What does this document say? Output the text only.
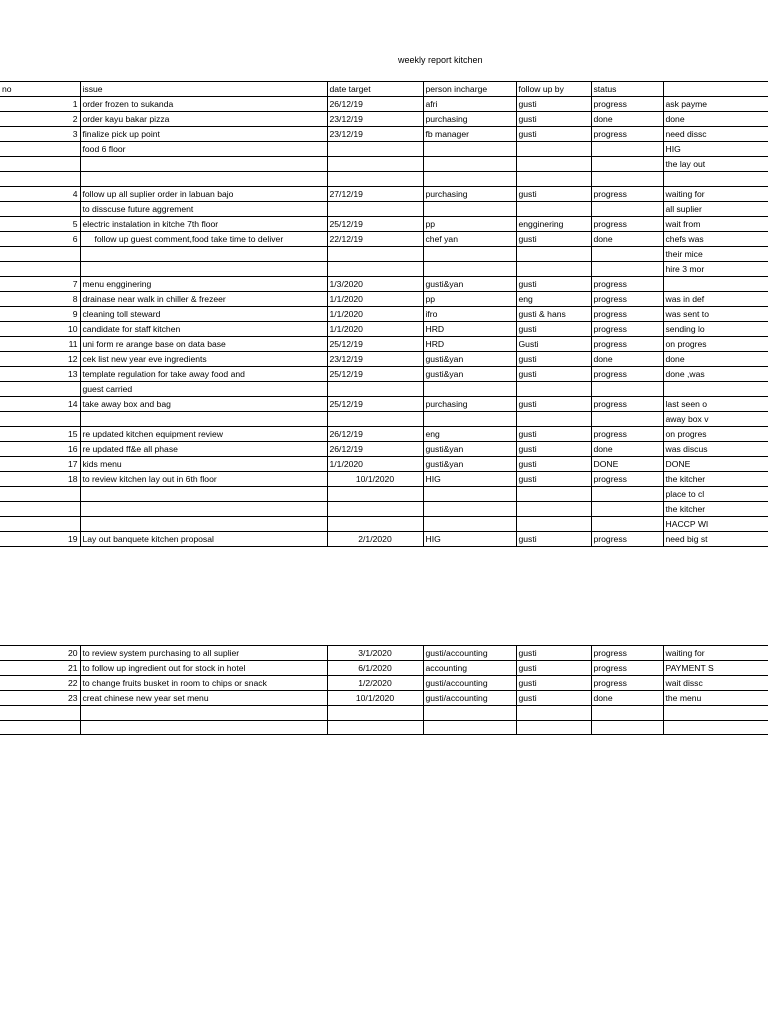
weekly report kitchen
no	issue	date target	person incharge	follow up by	status	
1	order frozen to sukanda	26/12/19	afri	gusti	progress	ask payme
2	order kayu bakar pizza	23/12/19	purchasing	gusti	done	done
3	finalize pick up point	23/12/19	fb manager	gusti	progress	need dissc
	food 6 floor					HIG
						the lay out

4	follow up all suplier order in labuan bajo	27/12/19	purchasing	gusti	progress	waiting for
	to disscuse future aggrement					all suplier
5	electric instalation in kitche 7th floor	25/12/19	pp	engginering	progress	wait from
6	follow up guest comment,food take time to deliver	22/12/19	chef yan	gusti	done	chefs was
						their mice
						hire 3 mor
7	menu engginering	1/3/2020	gusti&yan	gusti	progress	
8	drainase near walk in chiller & frezeer	1/1/2020	pp	eng	progress	was in def
9	cleaning toll steward	1/1/2020	ifro	gusti & hans	progress	was sent to
10	candidate for staff kitchen	1/1/2020	HRD	gusti	progress	sending lo
11	uni form re arange base on data base	25/12/19	HRD	Gusti	progress	on progres
12	cek list new year eve ingredients	23/12/19	gusti&yan	gusti	done	done
13	template regulation for take away food and	25/12/19	gusti&yan	gusti	progress	done ,was
	guest carried					
14	take away box and bag	25/12/19	purchasing	gusti	progress	last seen o
						away box v
15	re updated kitchen equipment review	26/12/19	eng	gusti	progress	on progres
16	re updated ff&e all phase	26/12/19	gusti&yan	gusti	done	was discus
17	kids menu	1/1/2020	gusti&yan	gusti	DONE	DONE
18	to review kitchen lay out in 6th floor	10/1/2020	HIG	gusti	progress	the kitcher
						place to cl
						the kitcher
						HACCP WI
19	Lay out banquete kitchen proposal	2/1/2020	HIG	gusti	progress	need big st
20	to review system purchasing to all suplier	3/1/2020	gusti/accounting	gusti	progress	waiting for
21	to follow up ingredient out for stock in hotel	6/1/2020	accounting	gusti	progress	PAYMENT S
22	to change fruits busket in room to chips or snack	1/2/2020	gusti/accounting	gusti	progress	wait dissc
23	creat chinese new year set menu	10/1/2020	gusti/accounting	gusti	done	the menu
